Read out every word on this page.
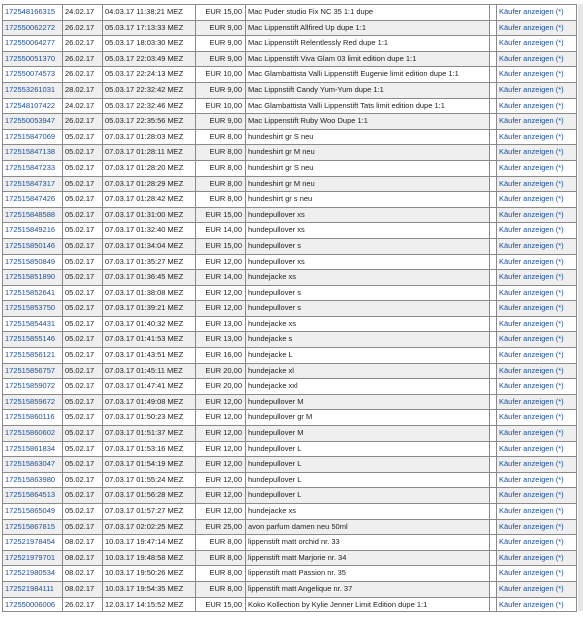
172548166315	24.02.17	04.03.17 11:38:21 MEZ	EUR 15,00 Mac Puder studio Fix NC 35 1:1 dupe	Käufer anzeigen (*)
172550062272	26.02.17	05.03.17 17:13:33 MEZ	EUR 9,00 Mac Lippenstift Allfired Up dupe 1:1	Käufer anzeigen (*)
172550064277	26.02.17	05.03.17 18:03:30 MEZ	EUR 9,00 Mac Lippenstift Relentlessly Red dupe 1:1	Käufer anzeigen (*)
172550051370	26.02.17	05.03.17 22:03:49 MEZ	EUR 9,00 Mac Lippenstift Viva Glam 03 limit edition dupe 1:1	Käufer anzeigen (*)
172550074573	26.02.17	05.03.17 22:24:13 MEZ	EUR 10,00 Mac Glambattista Valli Lippenstift Eugenie limit edition dupe 1:1	Käufer anzeigen (*)
172553261031	28.02.17	05.03.17 22:32:42 MEZ	EUR 9,00 Mac Lippnstift Candy Yum-Yum dupe 1:1	Käufer anzeigen (*)
172548107422	24.02.17	05.03.17 22:32:46 MEZ	EUR 10,00 Mac Glambattista Valli Lippenstift Tats limit edition dupe 1:1	Käufer anzeigen (*)
172550053947	26.02.17	05.03.17 22:35:56 MEZ	EUR 9,00 Mac Lippenstift Ruby Woo Dupe 1:1	Käufer anzeigen (*)
172515847069	05.02.17	07.03.17 01:28:03 MEZ	EUR 8,00 hundeshirt gr S neu	Käufer anzeigen (*)
172515847138	05.02.17	07.03.17 01:28:11 MEZ	EUR 8,00 hundeshirt gr M neu	Käufer anzeigen (*)
172515847233	05.02.17	07.03.17 01:28:20 MEZ	EUR 8,00 hundeshirt gr S neu	Käufer anzeigen (*)
172515847317	05.02.17	07.03.17 01:28:29 MEZ	EUR 8,00 hundeshirt gr M neu	Käufer anzeigen (*)
172515847426	05.02.17	07.03.17 01:28:42 MEZ	EUR 8,00 hundeshirt gr s neu	Käufer anzeigen (*)
172515848588	05.02.17	07.03.17 01:31:00 MEZ	EUR 15,00 hundepullover xs	Käufer anzeigen (*)
172515849216	05.02.17	07.03.17 01:32:40 MEZ	EUR 14,00 hundepullover xs	Käufer anzeigen (*)
172515850146	05.02.17	07.03.17 01:34:04 MEZ	EUR 15,00 hundepullover s	Käufer anzeigen (*)
172515850849	05.02.17	07.03.17 01:35:27 MEZ	EUR 12,00 hundepullover xs	Käufer anzeigen (*)
172515851890	05.02.17	07.03.17 01:36:45 MEZ	EUR 14,00 hundejacke xs	Käufer anzeigen (*)
172515852641	05.02.17	07.03.17 01:38:08 MEZ	EUR 12,00 hundepullover s	Käufer anzeigen (*)
172515853750	05.02.17	07.03.17 01:39:21 MEZ	EUR 12,00 hundepullover s	Käufer anzeigen (*)
172515854431	05.02.17	07.03.17 01:40:32 MEZ	EUR 13,00 hundejacke xs	Käufer anzeigen (*)
172515855146	05.02.17	07.03.17 01:41:53 MEZ	EUR 13,00 hundejacke s	Käufer anzeigen (*)
172515856121	05.02.17	07.03.17 01:43:51 MEZ	EUR 16,00 hundejacke L	Käufer anzeigen (*)
172515856757	05.02.17	07.03.17 01:45:11 MEZ	EUR 20,00 hundejacke xl	Käufer anzeigen (*)
172515859072	05.02.17	07.03.17 01:47:41 MEZ	EUR 20,00 hundejacke xxl	Käufer anzeigen (*)
172515859672	05.02.17	07.03.17 01:49:08 MEZ	EUR 12,00 hundepullover M	Käufer anzeigen (*)
172515860116	05.02.17	07.03.17 01:50:23 MEZ	EUR 12,00 hundepullover gr M	Käufer anzeigen (*)
172515860602	05.02.17	07.03.17 01:51:37 MEZ	EUR 12,00 hundepullover M	Käufer anzeigen (*)
172515861834	05.02.17	07.03.17 01:53:16 MEZ	EUR 12,00 hundepullover L	Käufer anzeigen (*)
172515863047	05.02.17	07.03.17 01:54:19 MEZ	EUR 12,00 hundepullover L	Käufer anzeigen (*)
172515863980	05.02.17	07.03.17 01:55:24 MEZ	EUR 12,00 hundepullover L	Käufer anzeigen (*)
172515864513	05.02.17	07.03.17 01:56:28 MEZ	EUR 12,00 hundepullover L	Käufer anzeigen (*)
172515865049	05.02.17	07.03.17 01:57:27 MEZ	EUR 12,00 hundejacke xs	Käufer anzeigen (*)
172515867815	05.02.17	07.03.17 02:02:25 MEZ	EUR 25,00 avon parfum damen neu 50ml	Käufer anzeigen (*)
172521978454	08.02.17	10.03.17 19:47:14 MEZ	EUR 8,00 lippenstift matt orchid nr. 33	Käufer anzeigen (*)
172521979701	08.02.17	10.03.17 19:48:58 MEZ	EUR 8,00 lippenstift matt Marjorie nr. 34	Käufer anzeigen (*)
172521980534	08.02.17	10.03.17 19:50:26 MEZ	EUR 8,00 lippenstift matt Passion nr. 35	Käufer anzeigen (*)
172521984111	08.02.17	10.03.17 19:54:35 MEZ	EUR 8,00 lippenstift matt Angelique nr. 37	Käufer anzeigen (*)
172550006006	26.02.17	12.03.17 14:15:52 MEZ	EUR 15,00 Koko Kollection by Kylie Jenner Limit Edition dupe 1:1	Käufer anzeigen (*)
